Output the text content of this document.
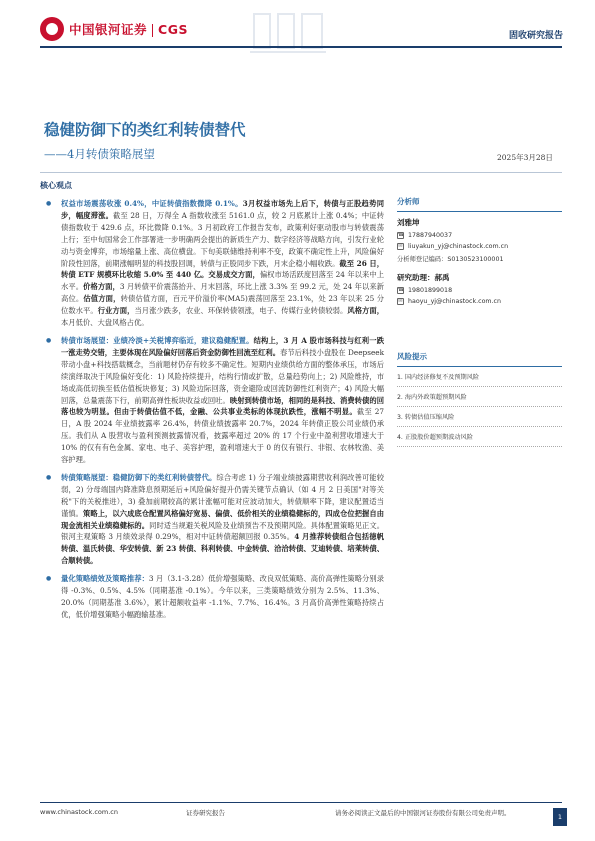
中国银河证券 CGS	固收研究报告
稳健防御下的类红利转债替代
——4月转债策略展望	2025年3月28日
核心观点
● 权益市场震荡收涨 0.4%，中证转债指数微降 0.1%。3月权益市场先上后下，转债与正股趋势同步，幅度滞涨。截至 28 日，万得全 A 指数收涨至 5161.0 点，较 2 月底累计上涨 0.4%；中证转债指数收于 429.6 点，环比微降 0.1%。3 月初政府工作报告发布，政策利好驱动股市与转债震荡上行；至中旬国常会工作部署进一步明确两会提出的新质生产力、数字经济等战略方向，引发行业轮动与资金博弈，市场缩量上涨、高位横盘。下旬美联储维持利率不变，政策不确定性上升，风险偏好阶段性回落，前期涨幅明显的科技股回调，转债与正股同步下跌，月末企稳小幅收跌。截至 26 日，转债 ETF 规模环比收缩 5.0% 至 440 亿。交易成交方面，偏权市场活跃度回落至 24 年以来中上水平。价格方面，3 月转债平价震荡抬升、月末回落，环比上涨 3.3% 至 99.2 元，处 24 年以来新高位。估值方面，转债估值方面，百元平价溢价率(MA5)震荡回落至 23.1%，处 23 年以来 25 分位数水平。行业方面，当月涨少跌多，农业、环保转债领涨，电子、传媒行业转债较弱。风格方面，本月低价、大盘风格占优。
● 转债市场展望：业绩冷淡+关税博弈临近，建议稳健配置。结构上，3 月 A 股市场科技与红利一跌一涨走势交错，主要体现在风险偏好回落后资金防御性回流至红利。春节后科技小盘股在 Deepseek 带动小盘+科技搭载概念，当前题材仍存有较多不确定性。短期内业绩供给方面的整体承压，市场后续演绎取决于风险偏好变化：1) 风险持续提升，结构行情或扩散，总量趋势向上；2) 风险维持，市场或高低切换至低估值板块修复；3) 风险边际回落，资金避险或回流防御性红利资产；4) 风险大幅回落，总量震荡下行，前期高弹性板块收益或回吐。映射到转债市场，相同的是科技、消费转债的回落也较为明显。但由于转债估值不低，金融、公共事业类标的体现抗跌性，涨幅不明显。截至 27 日，A 股 2024 年业绩披露率 26.4%，转债业绩披露率 20.7%，2024 年转债正股公司业绩仍承压。我们从 A 股营收与盈利预测披露情况看，披露率超过 20% 的 17 个行业中盈利营收增速大于 10% 的仅有有色金属、家电、电子、美容护理，盈利增速大于 0 的仅有银行、非银、农林牧渔、美容护理。
● 转债策略展望：稳健防御下的类红利转债替代。综合考虑 1) 分子端业绩披露期营收利润改善可能较弱，2) 分母端国内降准降息预期延后+风险偏好提升仍需关键节点确认（如 4 月 2 日美国"对等关税"下的关税推进），3) 叠加前期较高的累计涨幅可能对应波动加大，转债顺率下降，建议配置适当谨慎。策略上，以六成底仓配置风格偏好宽易、偏债、低价相关的业绩稳健标的，四成仓位把握自由现金流相关业绩稳健标的。同时适当规避关税风险及业绩预告不及预期风险。具体配置策略见正文。银河主观策略 3 月绩效录得 0.29%，相对中证转债超额回报 0.35%。4 月推荐转债组合包括徳帆转债、温氏转债、华安转债、新 23 转债、科利转债、中金转债、洽洽转债、艾迪转债、培莱转债、合顺转债。
● 量化策略绩效及策略推荐：3 月（3.1-3.28）低价增强策略、改良双低策略、高价高弹性策略分别录得 -0.3%、0.5%、4.5%（同期基准 -0.1%）。今年以来，三类策略绩效分别为 2.5%、11.3%、20.0%（同期基准 3.6%），累计超额收益率 -1.1%、7.7%、16.4%。3 月高价高弹性策略持续占优，低价增强策略小幅跑输基准。
分析师
刘雅坤
☎ 17887940037
✉ liuyakun_yj@chinastock.com.cn
分析师登记编码：S0130523100001
研究助理：郝禹
☎ 19801899018
✉ haoyu_yj@chinastock.com.cn
风险提示
1. 国内经济修复不及预期风险
2. 海内外政策超预期风险
3. 转债估值压缩风险
4. 正股股价超预期波动风险
www.chinastock.com.cn	证券研究报告	请务必阅读正文最后的中国银河证券股份有限公司免责声明。	1
